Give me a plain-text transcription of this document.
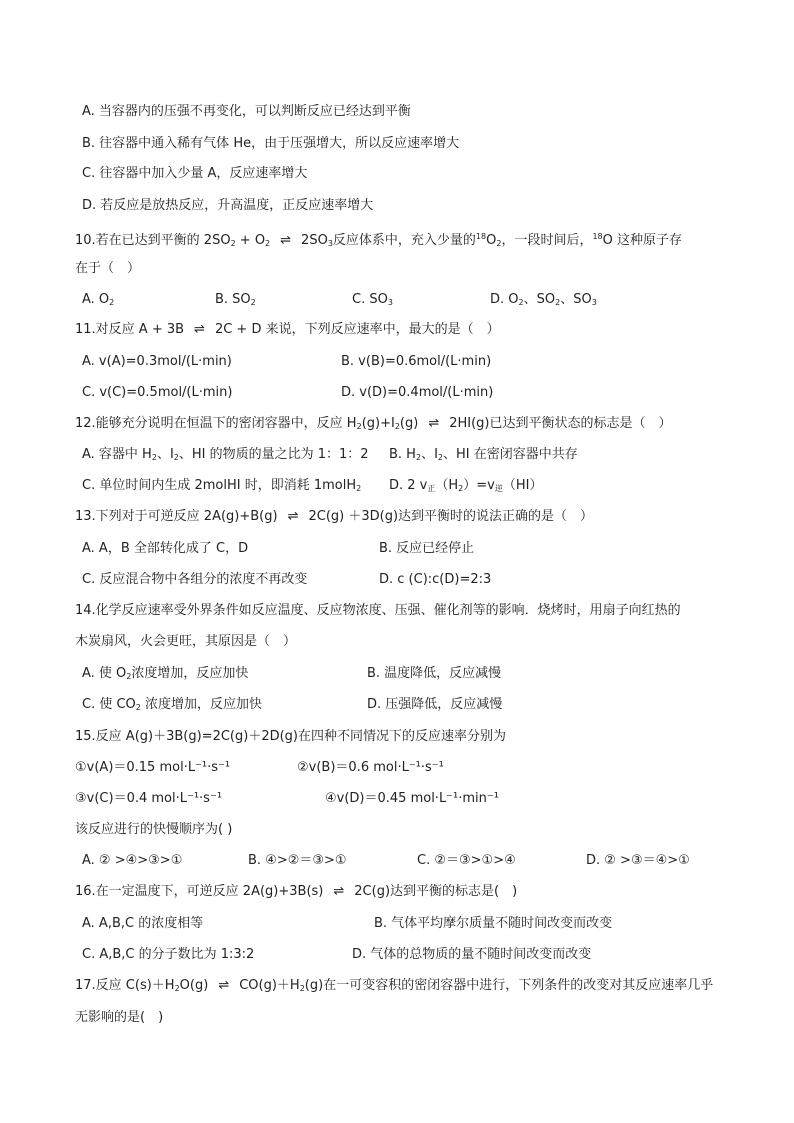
A. 当容器内的压强不再变化，可以判断反应已经达到平衡
B. 往容器中通入稀有气体 He，由于压强增大，所以反应速率增大
C. 往容器中加入少量 A，反应速率增大
D. 若反应是放热反应，升高温度，正反应速率增大
10.若在已达到平衡的 2SO2 + O2 ⇌ 2SO3反应体系中，充入少量的$^{18}$O2，一段时间后，$^{18}$O 这种原子存
在于（　）
A. O2	B. SO2	C. SO3	D. O2、SO2、SO3
11.对反应 A + 3B ⇌ 2C + D 来说，下列反应速率中，最大的是（　）
A. v(A)=0.3mol/(L·min)	B. v(B)=0.6mol/(L·min)
C. v(C)=0.5mol/(L·min)	D. v(D)=0.4mol/(L·min)
12.能够充分说明在恒温下的密闭容器中，反应 H2(g)+I2(g) ⇌ 2HI(g)已达到平衡状态的标志是（　）
A. 容器中 H2、I2、HI 的物质的量之比为 1：1：2 B. H2、I2、HI 在密闭容器中共存
C. 单位时间内生成 2molHI 时，即消耗 1molH2 D. 2 v正（H2）=v逆（HI）
13.下列对于可逆反应 2A(g)+B(g) ⇌ 2C(g) ＋3D(g)达到平衡时的说法正确的是（　）
A. A，B 全部转化成了 C，D	B. 反应已经停止
C. 反应混合物中各组分的浓度不再改变	D. c (C):c(D)=2:3
14.化学反应速率受外界条件如反应温度、反应物浓度、压强、催化剂等的影响．烧烤时，用扇子向红热的
木炭扇风，火会更旺，其原因是（　）
A. 使 O2浓度增加，反应加快	B. 温度降低，反应减慢
C. 使 CO2 浓度增加，反应加快	D. 压强降低，反应减慢
15.反应 A(g)＋3B(g)=2C(g)＋2D(g)在四种不同情况下的反应速率分别为
①v(A)＝0.15 mol·L⁻¹·s⁻¹	②v(B)＝0.6 mol·L⁻¹·s⁻¹
③v(C)＝0.4 mol·L⁻¹·s⁻¹	④v(D)＝0.45 mol·L⁻¹·min⁻¹
该反应进行的快慢顺序为( )
A. ② >④>③>①	B. ④>②＝③>①	C. ②＝③>①>④	D. ② >③＝④>①
16.在一定温度下，可逆反应 2A(g)+3B(s) ⇌ 2C(g)达到平衡的标志是(　)
A. A,B,C 的浓度相等	B. 气体平均摩尔质量不随时间改变而改变
C. A,B,C 的分子数比为 1:3:2	D. 气体的总物质的量不随时间改变而改变
17.反应 C(s)＋H2O(g) ⇌ CO(g)＋H2(g)在一可变容积的密闭容器中进行，下列条件的改变对其反应速率几乎
无影响的是(　)
